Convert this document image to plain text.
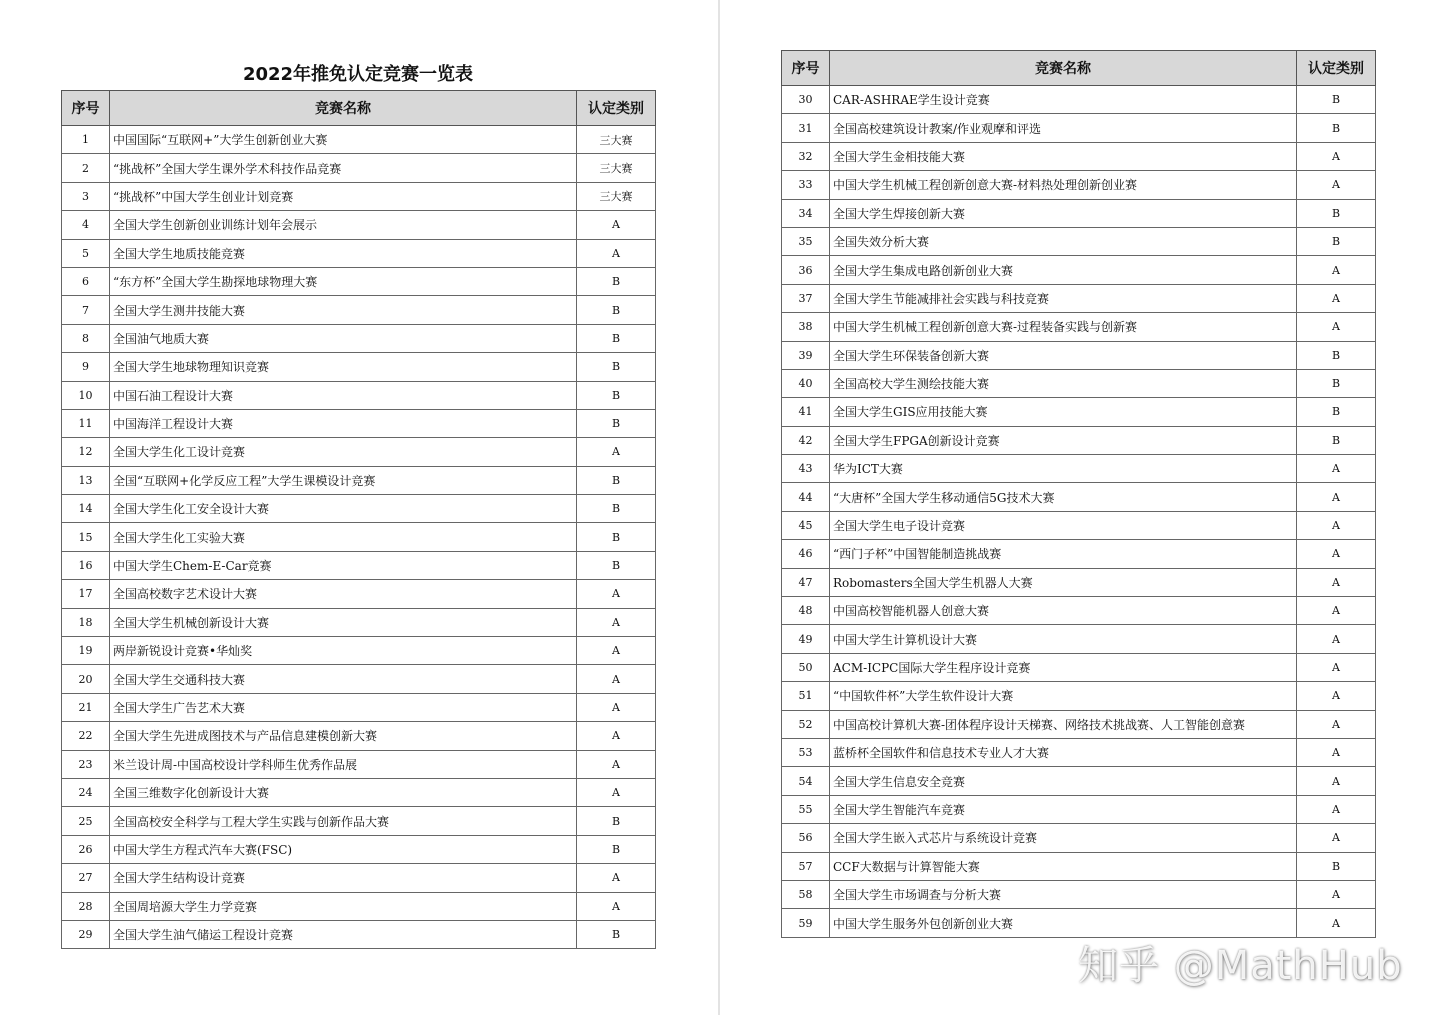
2022年推免认定竞赛一览表
序号	竞赛名称	认定类别
1	中国国际“互联网+”大学生创新创业大赛	三大赛
2	“挑战杯”全国大学生课外学术科技作品竞赛	三大赛
3	“挑战杯”中国大学生创业计划竞赛	三大赛
4	全国大学生创新创业训练计划年会展示	A
5	全国大学生地质技能竞赛	A
6	“东方杯”全国大学生勘探地球物理大赛	B
7	全国大学生测井技能大赛	B
8	全国油气地质大赛	B
9	全国大学生地球物理知识竞赛	B
10	中国石油工程设计大赛	B
11	中国海洋工程设计大赛	B
12	全国大学生化工设计竞赛	A
13	全国“互联网+化学反应工程”大学生课模设计竞赛	B
14	全国大学生化工安全设计大赛	B
15	全国大学生化工实验大赛	B
16	中国大学生Chem-E-Car竞赛	B
17	全国高校数字艺术设计大赛	A
18	全国大学生机械创新设计大赛	A
19	两岸新锐设计竞赛•华灿奖	A
20	全国大学生交通科技大赛	A
21	全国大学生广告艺术大赛	A
22	全国大学生先进成图技术与产品信息建模创新大赛	A
23	米兰设计周-中国高校设计学科师生优秀作品展	A
24	全国三维数字化创新设计大赛	A
25	全国高校安全科学与工程大学生实践与创新作品大赛	B
26	中国大学生方程式汽车大赛(FSC)	B
27	全国大学生结构设计竞赛	A
28	全国周培源大学生力学竞赛	A
29	全国大学生油气储运工程设计竞赛	B
序号	竞赛名称	认定类别
30	CAR-ASHRAE学生设计竞赛	B
31	全国高校建筑设计教案/作业观摩和评选	B
32	全国大学生金相技能大赛	A
33	中国大学生机械工程创新创意大赛-材料热处理创新创业赛	A
34	全国大学生焊接创新大赛	B
35	全国失效分析大赛	B
36	全国大学生集成电路创新创业大赛	A
37	全国大学生节能减排社会实践与科技竞赛	A
38	中国大学生机械工程创新创意大赛-过程装备实践与创新赛	A
39	全国大学生环保装备创新大赛	B
40	全国高校大学生测绘技能大赛	B
41	全国大学生GIS应用技能大赛	B
42	全国大学生FPGA创新设计竞赛	B
43	华为ICT大赛	A
44	“大唐杯”全国大学生移动通信5G技术大赛	A
45	全国大学生电子设计竞赛	A
46	“西门子杯”中国智能制造挑战赛	A
47	Robomasters全国大学生机器人大赛	A
48	中国高校智能机器人创意大赛	A
49	中国大学生计算机设计大赛	A
50	ACM-ICPC国际大学生程序设计竞赛	A
51	“中国软件杯”大学生软件设计大赛	A
52	中国高校计算机大赛-团体程序设计天梯赛、网络技术挑战赛、人工智能创意赛	A
53	蓝桥杯全国软件和信息技术专业人才大赛	A
54	全国大学生信息安全竞赛	A
55	全国大学生智能汽车竞赛	A
56	全国大学生嵌入式芯片与系统设计竞赛	A
57	CCF大数据与计算智能大赛	B
58	全国大学生市场调查与分析大赛	A
59	中国大学生服务外包创新创业大赛	A
知乎 @MathHub
